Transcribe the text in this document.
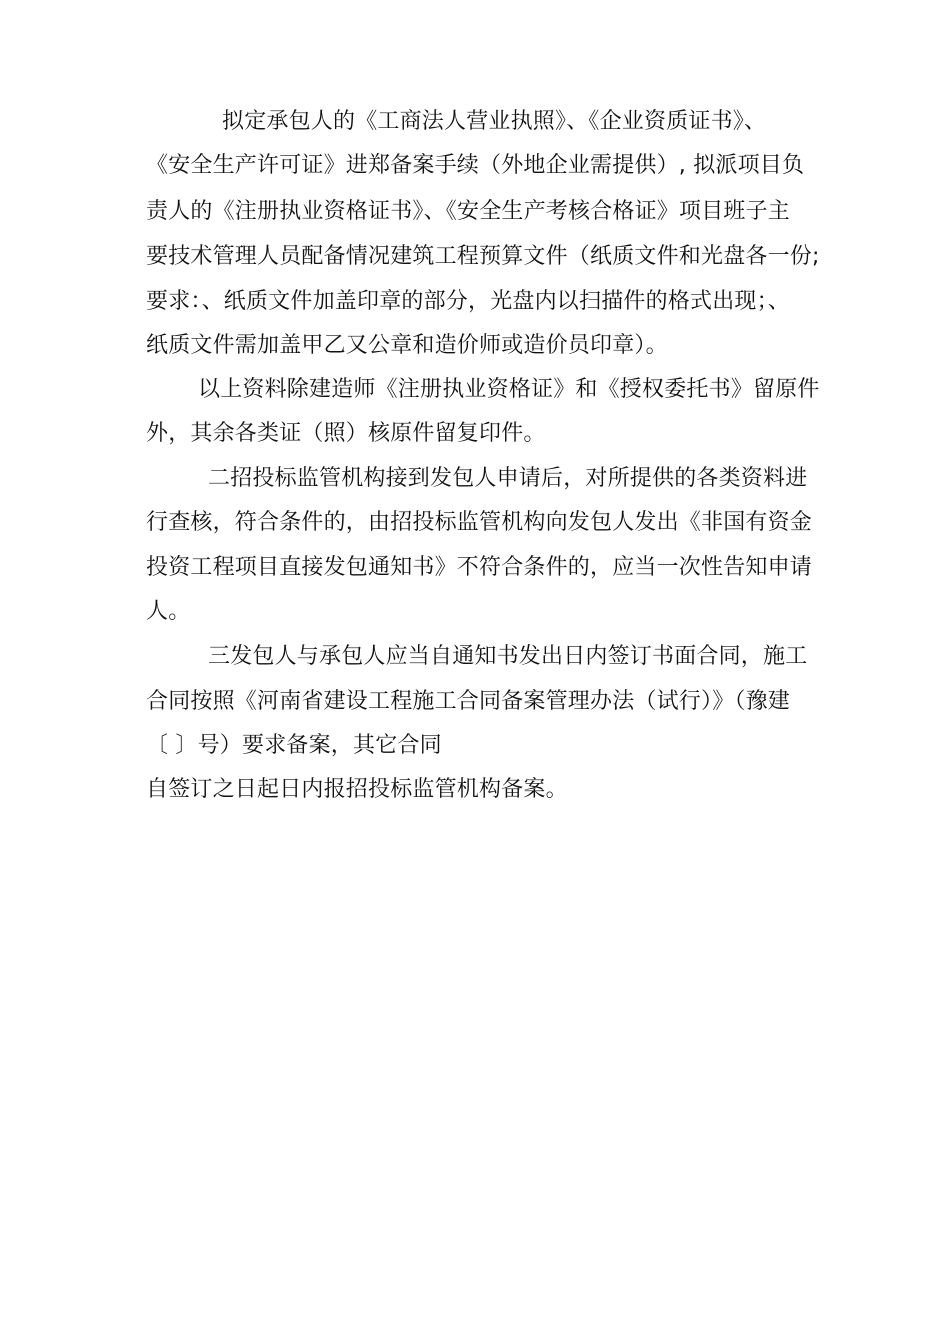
拟定承包人的《工商法人营业执照》、《企业资质证书》、
《安全生产许可证》进郑备案手续（外地企业需提供）, 拟派项目负
责人的《注册执业资格证书》、《安全生产考核合格证》项目班子主
要技术管理人员配备情况建筑工程预算文件（纸质文件和光盘各一份;
要求：、纸质文件加盖印章的部分，光盘内以扫描件的格式出现；、
纸质文件需加盖甲乙又公章和造价师或造价员印章）。
以上资料除建造师《注册执业资格证》和《授权委托书》留原件
外，其余各类证（照）核原件留复印件。
二招投标监管机构接到发包人申请后，对所提供的各类资料进
行查核，符合条件的，由招投标监管机构向发包人发出《非国有资金
投资工程项目直接发包通知书》不符合条件的，应当一次性告知申请
人。
三发包人与承包人应当自通知书发出日内签订书面合同，施工
合同按照《河南省建设工程施工合同备案管理办法（试行）》（豫建
〔 〕号）要求备案，其它合同
自签订之日起日内报招投标监管机构备案。
